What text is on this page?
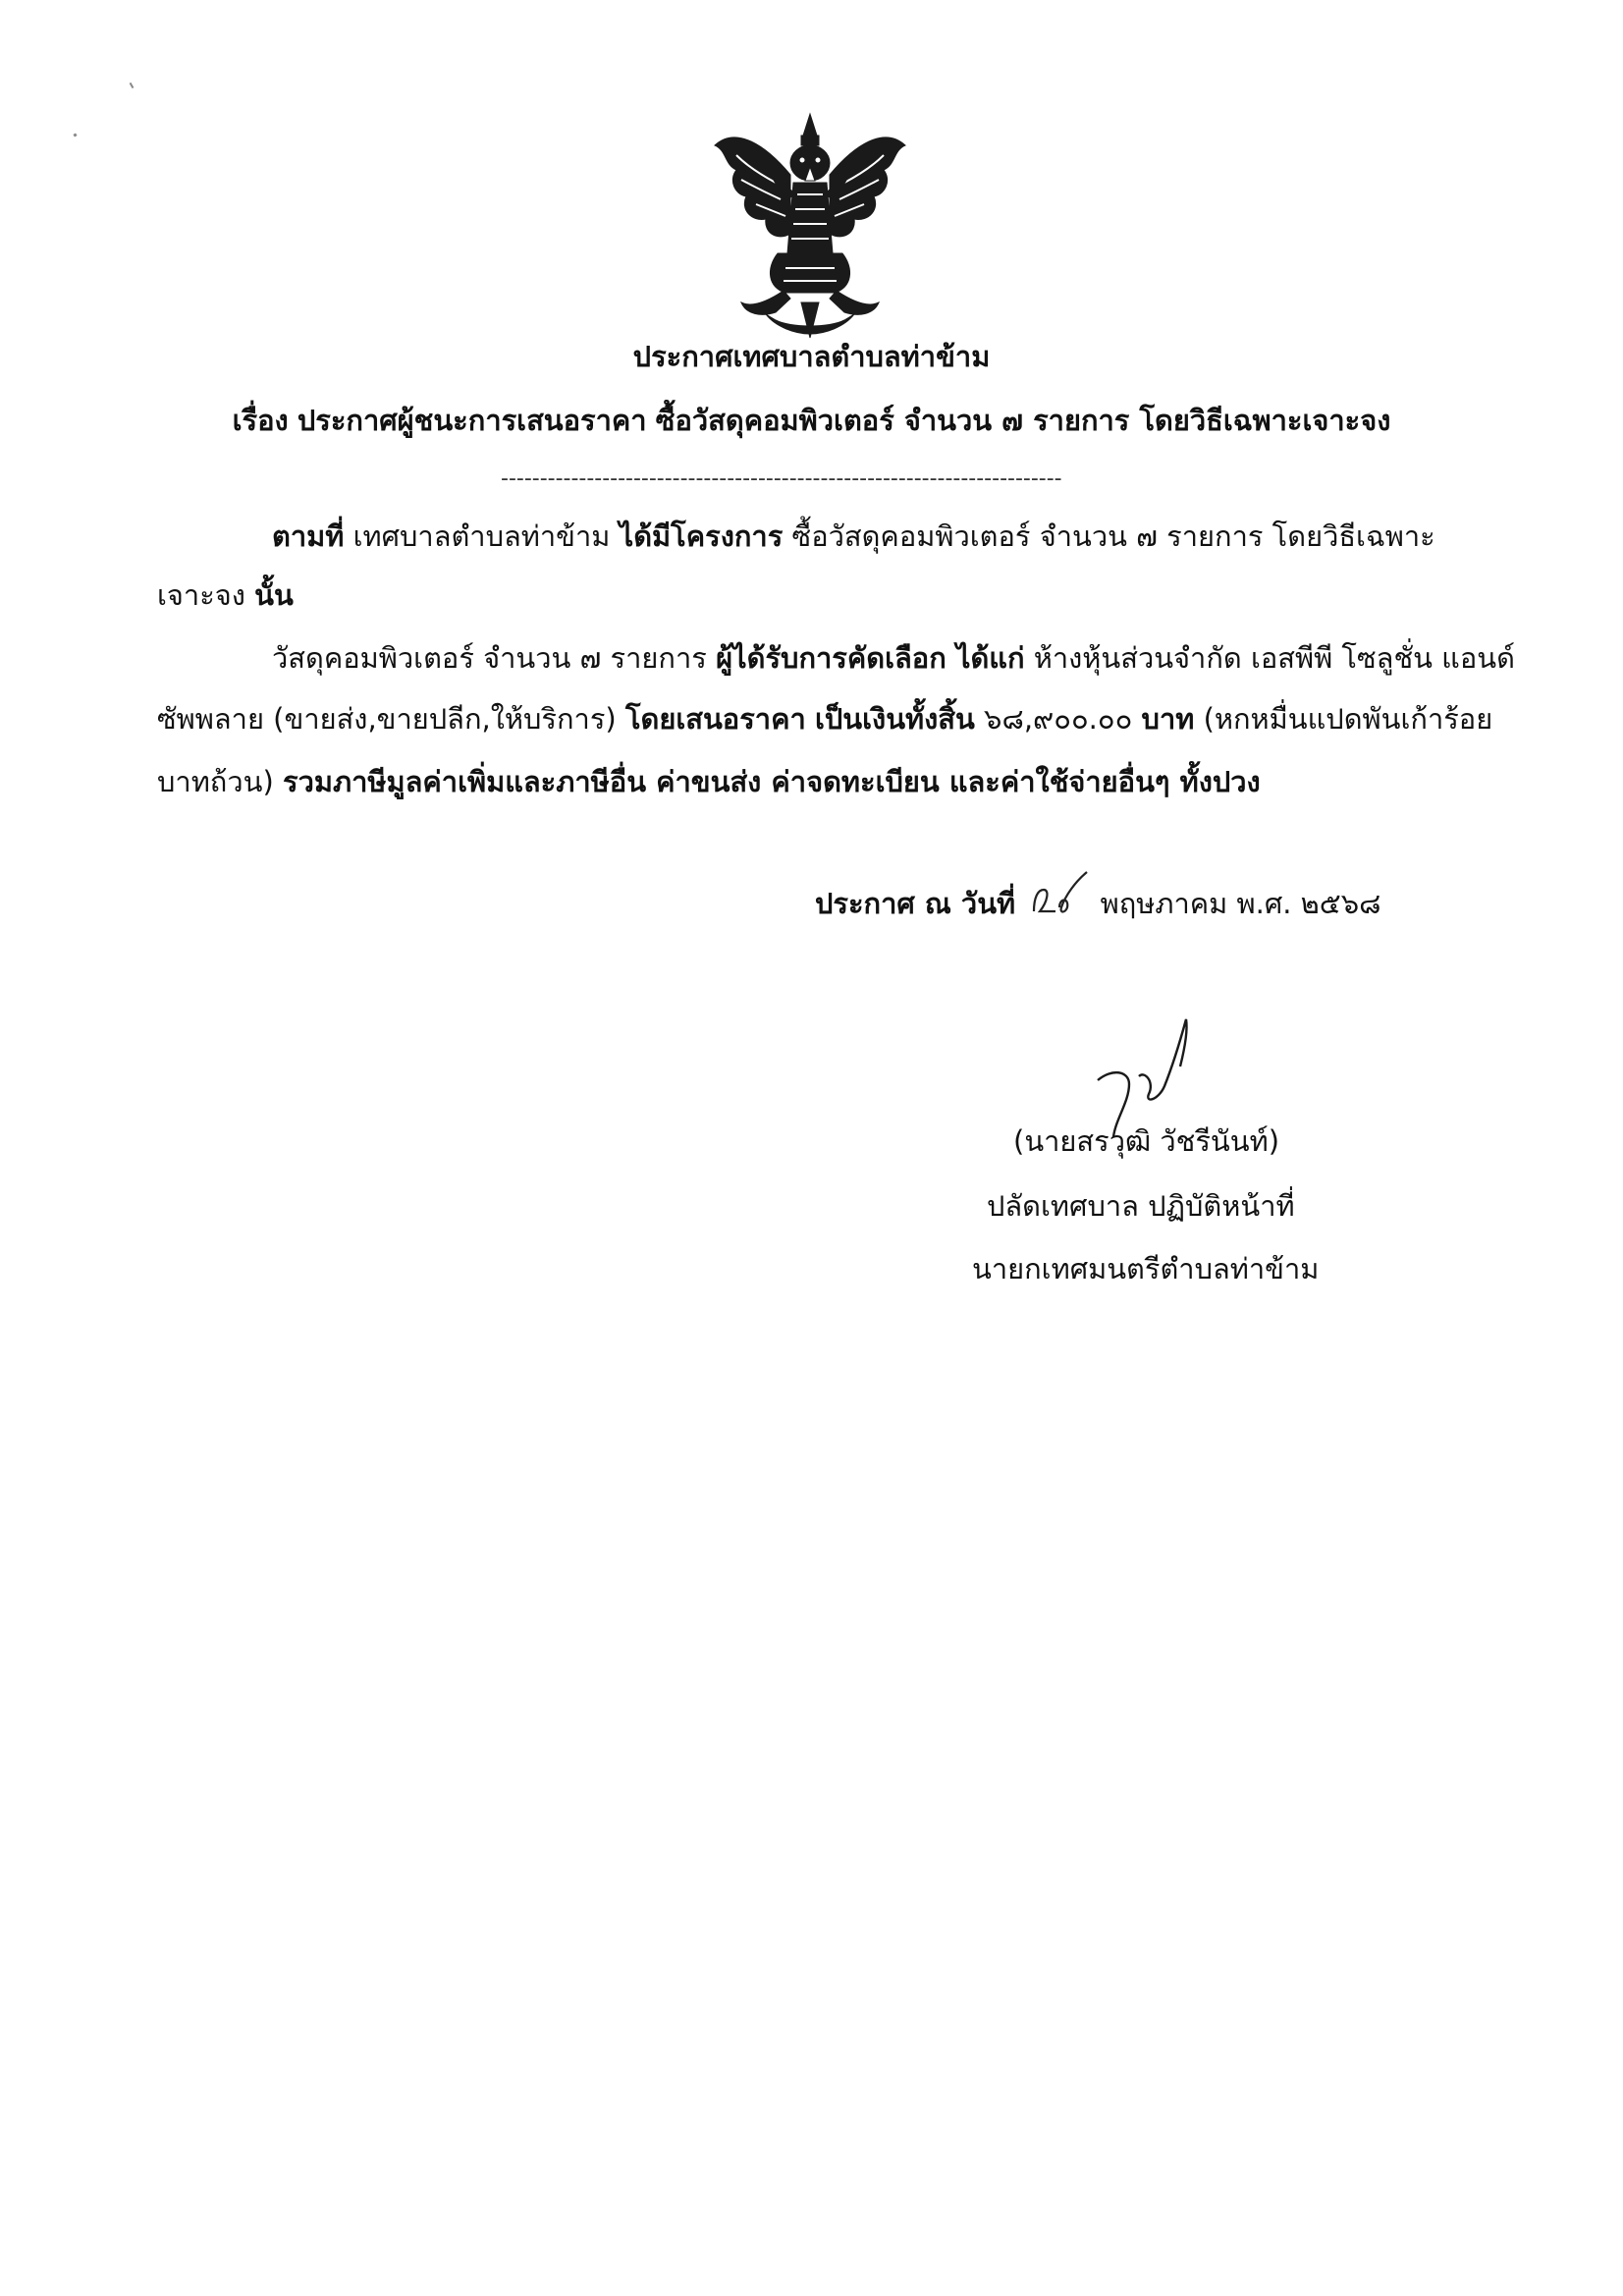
ประกาศเทศบาลตำบลท่าข้าม
เรื่อง ประกาศผู้ชนะการเสนอราคา ซื้อวัสดุคอมพิวเตอร์ จำนวน ๗ รายการ โดยวิธีเฉพาะเจาะจง
------------------------------------------------------------------------
ตามที่ เทศบาลตำบลท่าข้าม ได้มีโครงการ ซื้อวัสดุคอมพิวเตอร์ จำนวน ๗ รายการ โดยวิธีเฉพาะ
เจาะจง นั้น
วัสดุคอมพิวเตอร์ จำนวน ๗ รายการ ผู้ได้รับการคัดเลือก ได้แก่ ห้างหุ้นส่วนจำกัด เอสพีพี โซลูชั่น แอนด์
ซัพพลาย (ขายส่ง,ขายปลีก,ให้บริการ) โดยเสนอราคา เป็นเงินทั้งสิ้น ๖๘,๙๐๐.๐๐ บาท (หกหมื่นแปดพันเก้าร้อย
บาทถ้วน) รวมภาษีมูลค่าเพิ่มและภาษีอื่น ค่าขนส่ง ค่าจดทะเบียน และค่าใช้จ่ายอื่นๆ ทั้งปวง
ประกาศ ณ วันที่	พฤษภาคม พ.ศ. ๒๕๖๘
(นายสรวุฒิ วัชรีนันท์)
ปลัดเทศบาล ปฏิบัติหน้าที่
นายกเทศมนตรีตำบลท่าข้าม
